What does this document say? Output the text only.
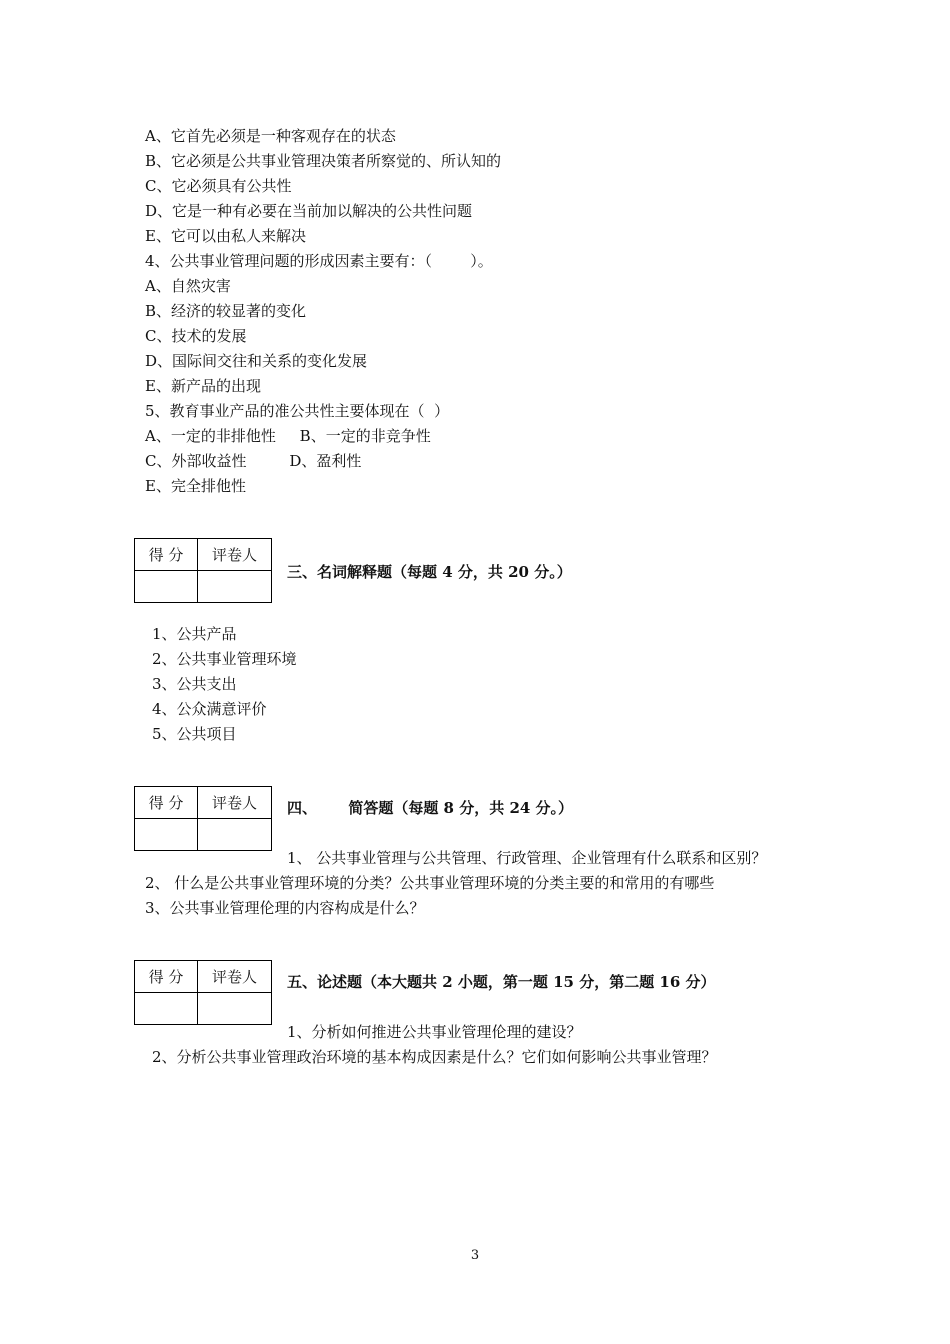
A、它首先必须是一种客观存在的状态
B、它必须是公共事业管理决策者所察觉的、所认知的
C、它必须具有公共性
D、它是一种有必要在当前加以解决的公共性问题
E、它可以由私人来解决
4、公共事业管理问题的形成因素主要有：（        ）。
A、自然灾害
B、经济的较显著的变化
C、技术的发展
D、国际间交往和关系的变化发展
E、新产品的出现
5、教育事业产品的准公共性主要体现在（  ）
A、一定的非排他性     B、一定的非竞争性
C、外部收益性         D、盈利性
E、完全排他性
得 分	评卷人

三、名词解释题（每题 4 分，共 20 分。）
1、公共产品
2、公共事业管理环境
3、公共支出
4、公众满意评价
5、公共项目
得 分	评卷人
	四、      简答题（每题 8 分，共 24 分。）
1、 公共事业管理与公共管理、行政管理、企业管理有什么联系和区别？
2、 什么是公共事业管理环境的分类？公共事业管理环境的分类主要的和常用的有哪些
3、公共事业管理伦理的内容构成是什么？
得 分	评卷人
	五、论述题（本大题共 2 小题，第一题 15 分，第二题 16 分）
1、分析如何推进公共事业管理伦理的建设？
2、分析公共事业管理政治环境的基本构成因素是什么？它们如何影响公共事业管理？
3
